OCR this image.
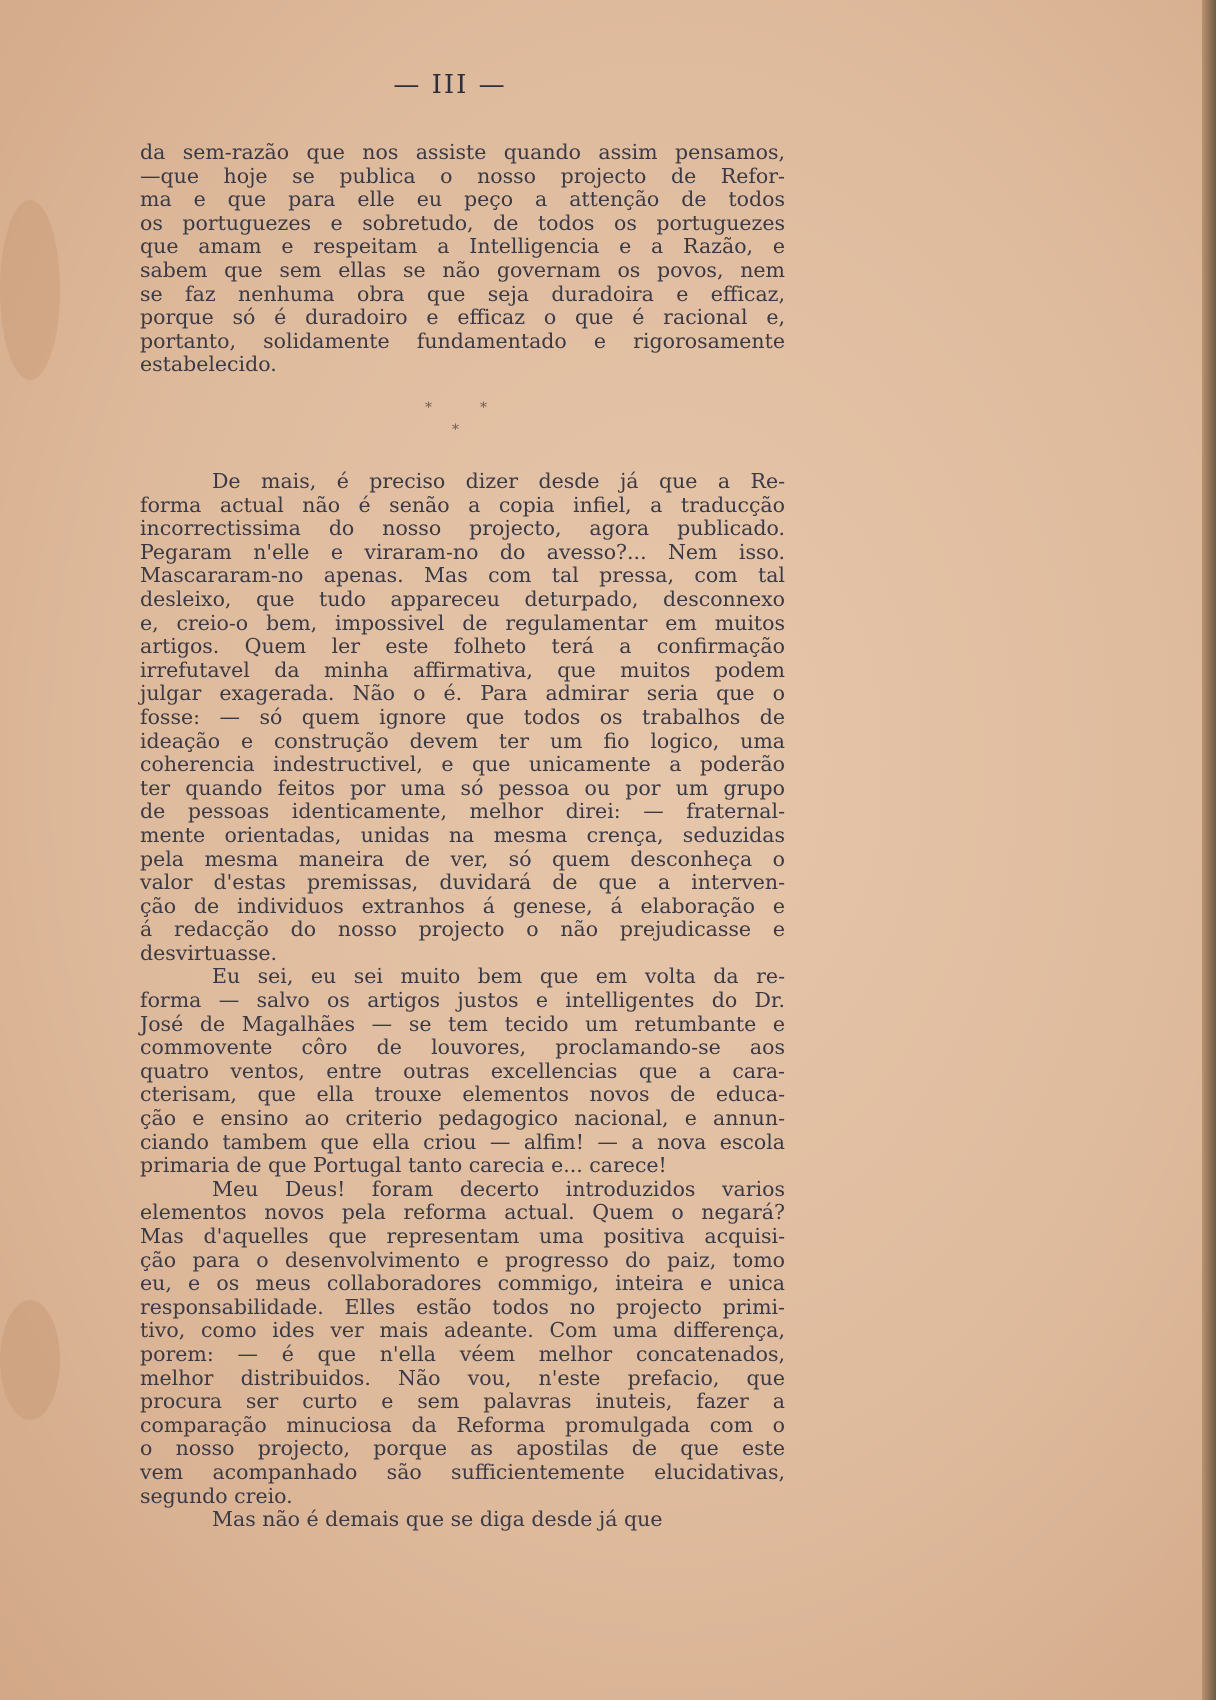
— III —
da sem-razão que nos assiste quando assim pensamos,
—que hoje se publica o nosso projecto de Refor-
ma e que para elle eu peço a attenção de todos
os portuguezes e sobretudo, de todos os portuguezes
que amam e respeitam a Intelligencia e a Razão, e
sabem que sem ellas se não governam os povos, nem
se faz nenhuma obra que seja duradoira e efficaz,
porque só é duradoiro e efficaz o que é racional e,
portanto, solidamente fundamentado e rigorosamente
estabelecido.
*	*
*
De mais, é preciso dizer desde já que a Re-
forma actual não é senão a copia infiel, a traducção
incorrectissima do nosso projecto, agora publicado.
Pegaram n'elle e viraram-no do avesso?... Nem isso.
Mascararam-no apenas. Mas com tal pressa, com tal
desleixo, que tudo appareceu deturpado, desconnexo
e, creio-o bem, impossivel de regulamentar em muitos
artigos. Quem ler este folheto terá a confirmação
irrefutavel da minha affirmativa, que muitos podem
julgar exagerada. Não o é. Para admirar seria que o
fosse: — só quem ignore que todos os trabalhos de
ideação e construção devem ter um fio logico, uma
coherencia indestructivel, e que unicamente a poderão
ter quando feitos por uma só pessoa ou por um grupo
de pessoas identicamente, melhor direi: — fraternal-
mente orientadas, unidas na mesma crença, seduzidas
pela mesma maneira de ver, só quem desconheça o
valor d'estas premissas, duvidará de que a interven-
ção de individuos extranhos á genese, á elaboração e
á redacção do nosso projecto o não prejudicasse e
desvirtuasse.
Eu sei, eu sei muito bem que em volta da re-
forma — salvo os artigos justos e intelligentes do Dr.
José de Magalhães — se tem tecido um retumbante e
commovente côro de louvores, proclamando-se aos
quatro ventos, entre outras excellencias que a cara-
cterisam, que ella trouxe elementos novos de educa-
ção e ensino ao criterio pedagogico nacional, e annun-
ciando tambem que ella criou — alfim! — a nova escola
primaria de que Portugal tanto carecia e... carece!
Meu Deus! foram decerto introduzidos varios
elementos novos pela reforma actual. Quem o negará?
Mas d'aquelles que representam uma positiva acquisi-
ção para o desenvolvimento e progresso do paiz, tomo
eu, e os meus collaboradores commigo, inteira e unica
responsabilidade. Elles estão todos no projecto primi-
tivo, como ides ver mais adeante. Com uma differença,
porem: — é que n'ella véem melhor concatenados,
melhor distribuidos. Não vou, n'este prefacio, que
procura ser curto e sem palavras inuteis, fazer a
comparação minuciosa da Reforma promulgada com o
o nosso projecto, porque as apostilas de que este
vem acompanhado são sufficientemente elucidativas,
segundo creio.
Mas não é demais que se diga desde já que
